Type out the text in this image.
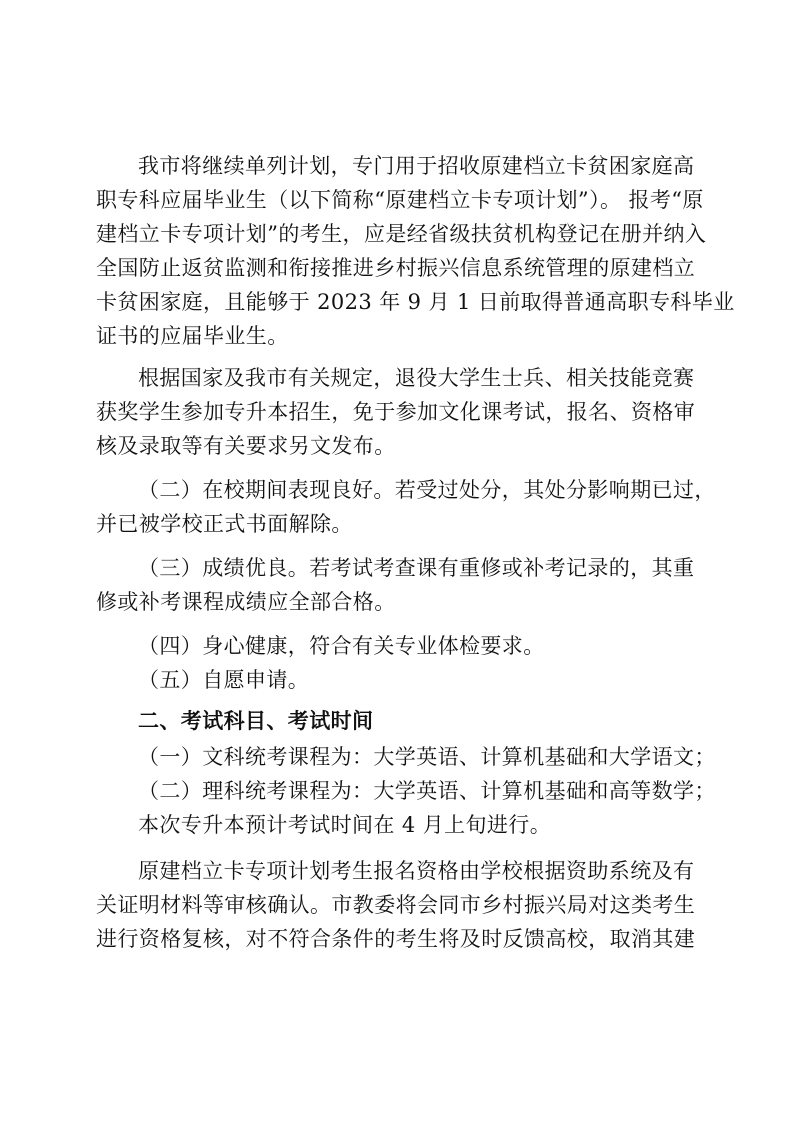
我市将继续单列计划，专门用于招收原建档立卡贫困家庭高
职专科应届毕业生（以下简称“原建档立卡专项计划”）。 报考“原
建档立卡专项计划”的考生，应是经省级扶贫机构登记在册并纳入
全国防止返贫监测和衔接推进乡村振兴信息系统管理的原建档立
卡贫困家庭，且能够于 2023 年 9 月 1 日前取得普通高职专科毕业
证书的应届毕业生。
根据国家及我市有关规定，退役大学生士兵、相关技能竞赛
获奖学生参加专升本招生，免于参加文化课考试，报名、资格审
核及录取等有关要求另文发布。
（二）在校期间表现良好。若受过处分，其处分影响期已过，
并已被学校正式书面解除。
（三）成绩优良。若考试考查课有重修或补考记录的，其重
修或补考课程成绩应全部合格。
（四）身心健康，符合有关专业体检要求。
（五）自愿申请。
二、考试科目、考试时间
（一）文科统考课程为：大学英语、计算机基础和大学语文；
（二）理科统考课程为：大学英语、计算机基础和高等数学；
本次专升本预计考试时间在 4 月上旬进行。
原建档立卡专项计划考生报名资格由学校根据资助系统及有
关证明材料等审核确认。市教委将会同市乡村振兴局对这类考生
进行资格复核，对不符合条件的考生将及时反馈高校，取消其建
